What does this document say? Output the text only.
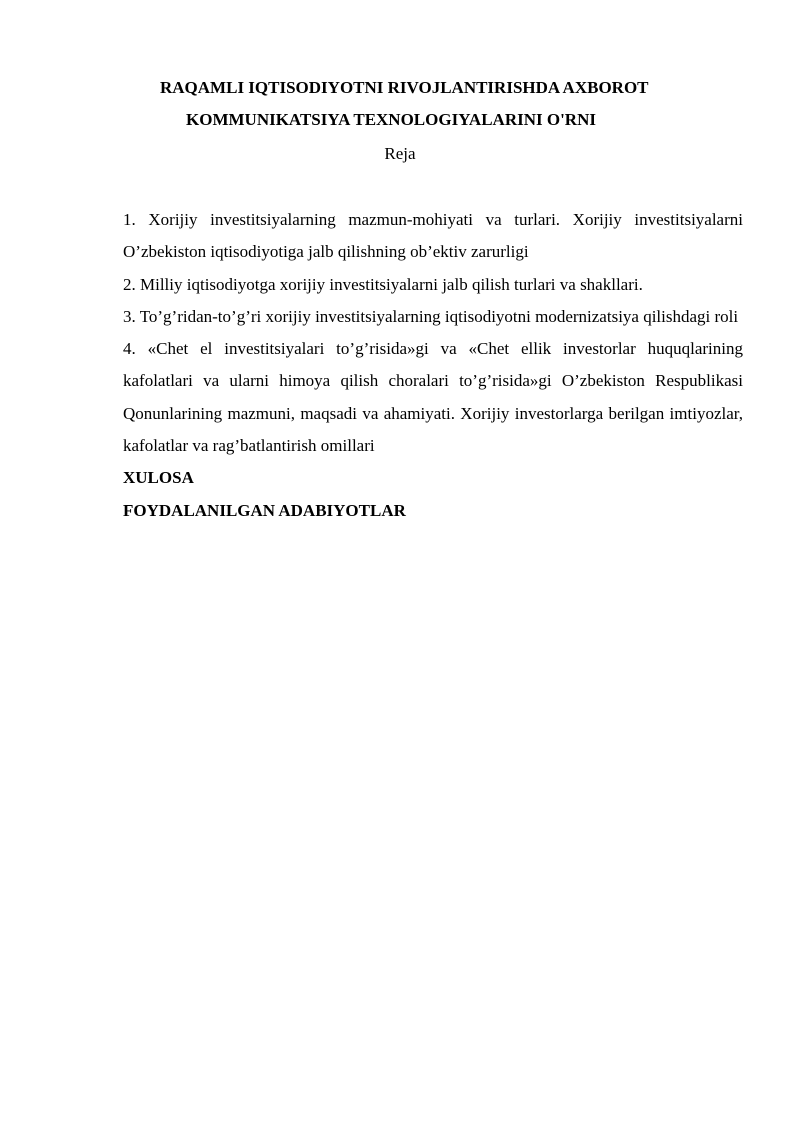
RAQAMLI IQTISODIYOTNI RIVOJLANTIRISHDA AXBOROT
KOMMUNIKATSIYA TEXNOLOGIYALARINI O'RNI
Reja

1. Xorijiy investitsiyalarning mazmun-mohiyati va turlari. Xorijiy investitsiyalarni O’zbekiston iqtisodiyotiga jalb qilishning ob’ektiv zarurligi

2. Milliy iqtisodiyotga xorijiy investitsiyalarni jalb qilish turlari va shakllari.

3. To’g’ridan-to’g’ri xorijiy investitsiyalarning iqtisodiyotni modernizatsiya qilishdagi roli

4. «Chet el investitsiyalari to’g’risida»gi va «Chet ellik investorlar huquqlarining kafolatlari va ularni himoya qilish choralari to’g’risida»gi O’zbekiston Respublikasi Qonunlarining mazmuni, maqsadi va ahamiyati. Xorijiy investorlarga berilgan imtiyozlar, kafolatlar va rag’batlantirish omillari

XULOSA

FOYDALANILGAN ADABIYOTLAR
